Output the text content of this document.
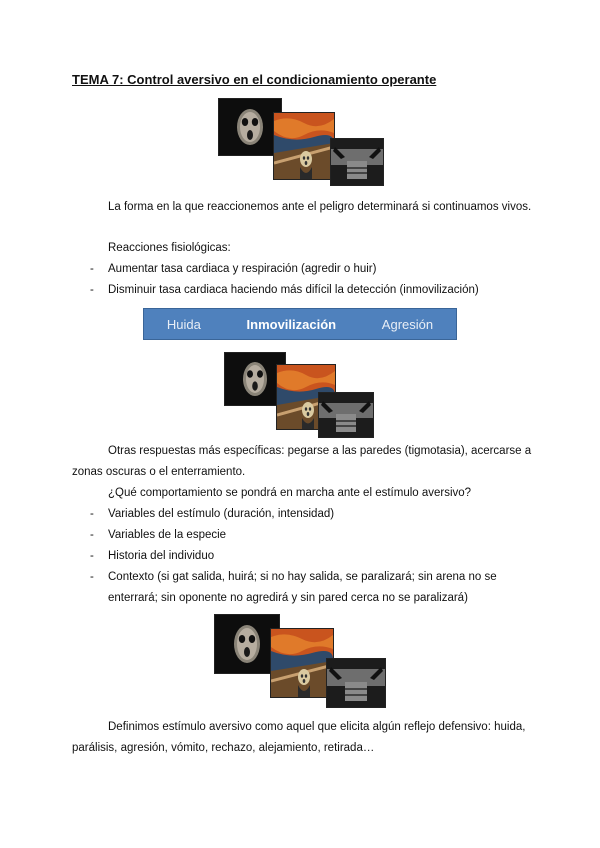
TEMA 7: Control aversivo en el condicionamiento operante
La forma en la que reaccionemos ante el peligro determinará si continuamos vivos.
Reacciones fisiológicas:
- Aumentar tasa cardiaca y respiración (agredir o huir)
- Disminuir tasa cardiaca haciendo más difícil la detección (inmovilización)
Huida	Inmovilización	Agresión
Otras respuestas más específicas: pegarse a las paredes (tigmotasia), acercarse a zonas oscuras o el enterramiento.
¿Qué comportamiento se pondrá en marcha ante el estímulo aversivo?
- Variables del estímulo (duración, intensidad)
- Variables de la especie
- Historia del individuo
- Contexto (si gat salida, huirá; si no hay salida, se paralizará; sin arena no se enterrará; sin oponente no agredirá y sin pared cerca no se paralizará)
Definimos estímulo aversivo como aquel que elicita algún reflejo defensivo: huida, parálisis, agresión, vómito, rechazo, alejamiento, retirada…
